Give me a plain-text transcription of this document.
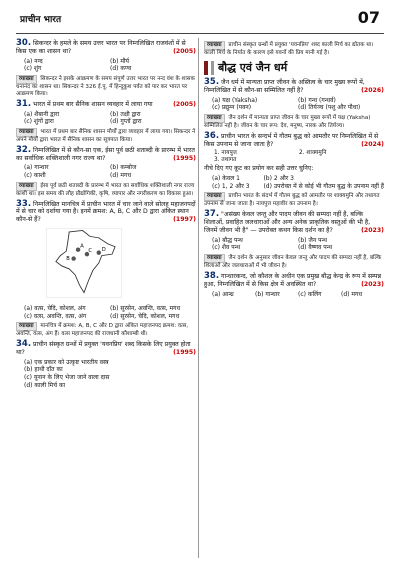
प्राचीन भारत	07
30. सिकन्दर के हमले के समय उत्तर भारत पर निम्नलिखित राजवंशों में से किस एक का शासन था?	(2005)
(a) नन्द	(b) मौर्य
(c) शुंग	(d) कण्व
व्याख्या सिकन्दर ने इसके आक्रमण के समय संपूर्ण उत्तर भारत पर नन्द वंश के शासक धनानंद का शासन था। सिकन्दर ने 326 ई.पू. में हिन्दुकुश पर्वत को पार कर भारत पर आक्रमण किया।
31. भारत में प्रथम बार सैनिक शासन व्यवहार में लाया गया	(2005)
(a) शैबानी द्वारा	(b) तक्षी द्वारा
(c) शुंगों द्वारा	(d) गुप्तों द्वारा
व्याख्या भारत में प्रथम बार सैनिक शासन मौर्यों द्वारा व्यवहार में लाया गया। सिकन्दर ने अपने मौर्यों द्वारा भारत में सैनिक शासन का सूत्रपात किया।
32. निम्नलिखित में से कौन-सा एक, ईसा पूर्व छठी शताब्दी के प्रारम्भ में भारत का सर्वाधिक शक्तिशाली नगर राज्य था?	(1995)
(a) गान्धार	(b) कम्बोज
(c) काशी	(d) मगध
व्याख्या ईसा पूर्व छठी शताब्दी के प्रारम्भ में भारत का सर्वाधिक शक्तिशाली नगर राज्य काशी था। इस समय की लौह प्रौद्योगिकी, कृषि, व्यापार और नगरीकरण का विकास हुआ।
33. निम्नलिखित मानचित्र में प्राचीन भारत में चार जाने वाले सोलह महाजनपदों में से चार को दर्शाया गया है। इनमें क्रमश: A, B, C और D द्वारा अंकित स्थान कौन-से हैं?	(1997)
A
B
C D
(a) वत्स, चेदि, कोशल, अंग	(b) सुरसेन, अवन्ति, वत्स, मगध
(c) वत्स, अवन्ति, वत्स, अंग	(d) सुरसेन, चेदि, कोशल, मगध
व्याख्या मानचित्र में क्रमश: A, B, C और D द्वारा अंकित महाजनपद क्रमश: वत्स, अवन्ति, वत्स, अंग हैं। वत्स महाजनपद की राजधानी कौशाम्बी थी।
34. प्राचीन संस्कृत ग्रन्थों में प्रयुक्त 'यवनप्रिय' शब्द किसके लिए प्रयुक्त होता था?	(1995)
(a) एक प्रकार को उत्कृष्ट भारतीय वस्त्र
(b) हाथी दाँत का
(c) यूनान के लिए भेजा जाने वाला दास
(d) काली मिर्च का
व्याख्या प्राचीन संस्कृत ग्रन्थों में प्रयुक्त 'यवनप्रिय' शब्द काली मिर्च का द्योतक था। काली मिर्च के निर्यात के कारण इसे यवनों की प्रिय मानी गई है।
बौद्ध एवं जैन धर्म
35. जैन धर्म में मान्यता प्राप्त जीवन के अस्तित्व के चार मुख्य रूपों में, निम्नलिखित में से कौन-सा सम्मिलित नहीं है?	(2026)
(a) यक्ष (Yaksha)	(b) गन्ध (गन्धर्व)
(c) प्रद्युम्न (पवन)	(d) तिर्यञ्च (पशु और पौधा)
व्याख्या जैन दर्शन में मान्यता प्राप्त जीवन के चार मुख्य रूपों में यक्ष (Yaksha) सम्मिलित नहीं है। जीवन के चार रूप: देव, मनुष्य, नारक और तिर्यञ्च।
36. प्राचीन भारत के सन्दर्भ में गौतम बुद्ध को आमतौर पर निम्नलिखित में से किस उपनाम से जाना जाता है?	(2024)
1. नायपुत्त	2. शाक्यमुनि
3. तथागत
नीचे दिए गए कूट का प्रयोग कर सही उत्तर चुनिए:
(a) केवल 1	(b) 2 और 3
(c) 1, 2 और 3	(d) उपरोक्त में से कोई भी गौतम बुद्ध के उपनाम नहीं हैं
व्याख्या प्राचीन भारत के संदर्भ में गौतम बुद्ध को आमतौर पर शाक्यमुनि और तथागत उपनाम से जाना जाता है। नायपुत्त महावीर का उपनाम है।
37. "असंख्य केवल जन्तु और पादप जीवन की सम्पदा नहीं है, बल्कि शिलाओं, प्रवाहित जलधाराओं और अन्य अनेक प्राकृतिक वस्तुओं की भी है, जिनमें जीवन भी है" — उपरोक्त कथन किस दर्शन का है?	(2023)
(a) बौद्ध पन्थ	(b) जैन पन्थ
(c) शैव पन्थ	(d) वैष्णव पन्थ
व्याख्या जैन दर्शन के अनुसार जीवन केवल जन्तु और पादप की सम्पदा नहीं है, बल्कि शिलाओं और जलधाराओं में भी जीवन है।
38. गान्धारकन्द, जो कौशल के अधीन एक प्रमुख बौद्ध केन्द्र के रूप में सम्पन्न हुआ, निम्नलिखित में से किस क्षेत्र में अवस्थित था?	(2023)
(a) आन्ध्र	(b) गान्धार	(c) कलिंग	(d) मगध
